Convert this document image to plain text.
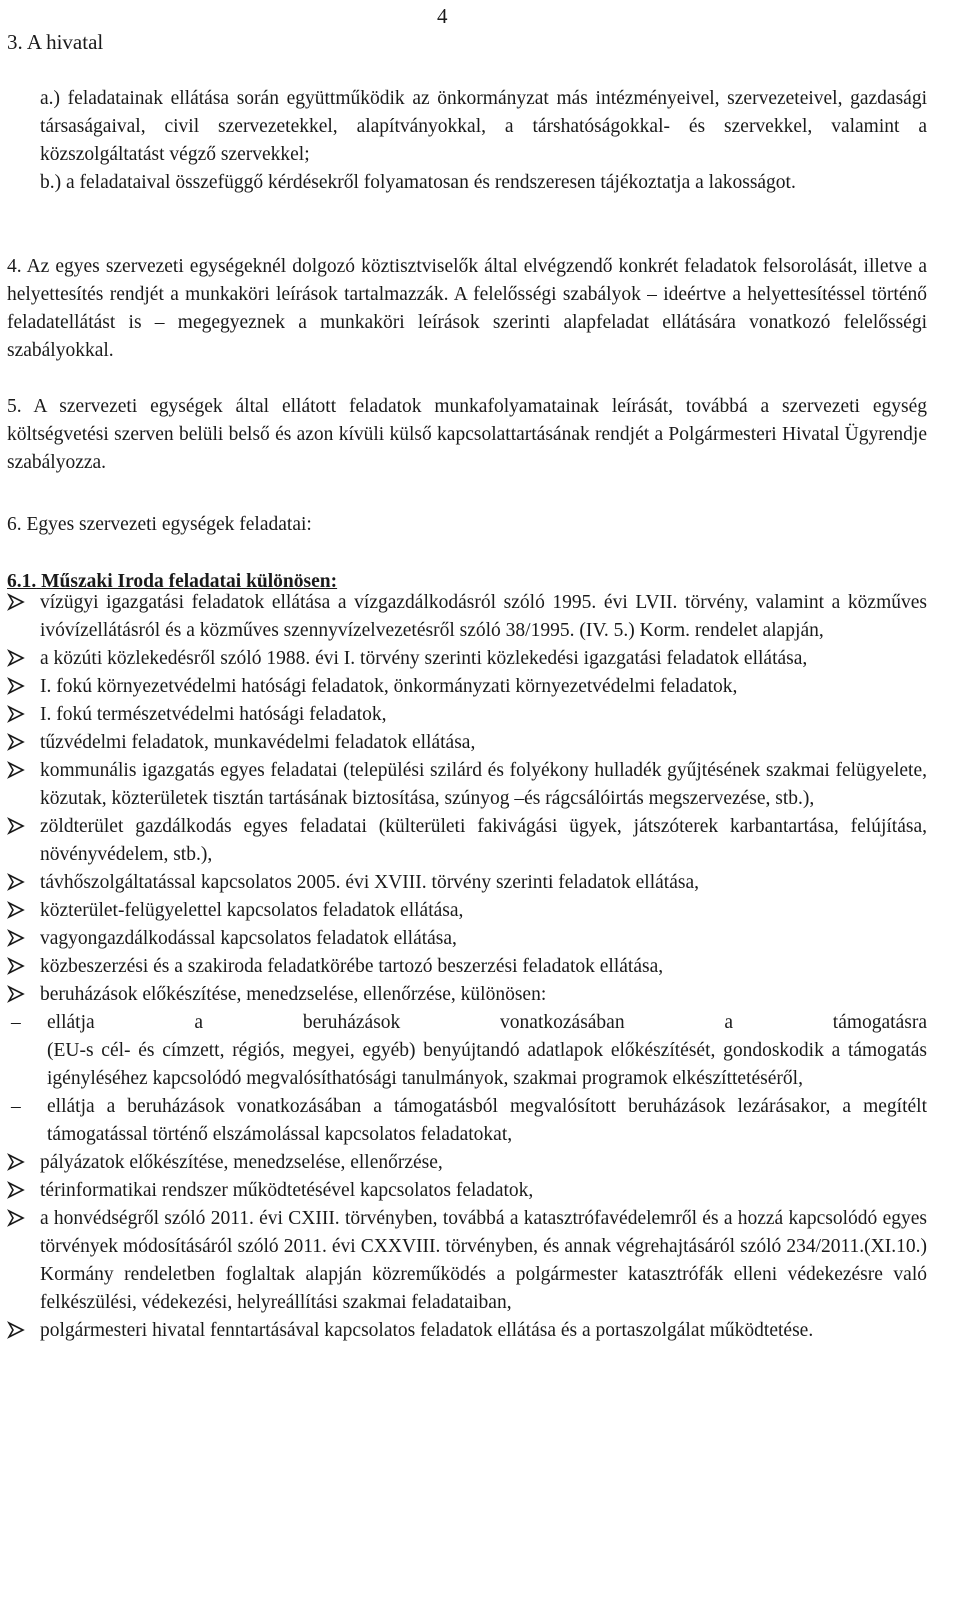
4
3. A hivatal

a.) feladatainak ellátása során együttműködik az önkormányzat más intézményeivel, szervezeteivel, gazdasági társaságaival, civil szervezetekkel, alapítványokkal, a társhatóságokkal- és szervekkel, valamint a közszolgáltatást végző szervekkel;

b.) a feladataival összefüggő kérdésekről folyamatosan és rendszeresen tájékoztatja a lakosságot.

4. Az egyes szervezeti egységeknél dolgozó köztisztviselők által elvégzendő konkrét feladatok felsorolását, illetve a helyettesítés rendjét a munkaköri leírások tartalmazzák. A felelősségi szabályok – ideértve a helyettesítéssel történő feladatellátást is – megegyeznek a munkaköri leírások szerinti alapfeladat ellátására vonatkozó felelősségi szabályokkal.

5. A szervezeti egységek által ellátott feladatok munkafolyamatainak leírását, továbbá a szervezeti egység költségvetési szerven belüli belső és azon kívüli külső kapcsolattartásának rendjét a Polgármesteri Hivatal Ügyrendje szabályozza.

6. Egyes szervezeti egységek feladatai:

6.1. Műszaki Iroda feladatai különösen:
vízügyi igazgatási feladatok ellátása a vízgazdálkodásról szóló 1995. évi LVII. törvény, valamint a közműves ivóvízellátásról és a közműves szennyvízelvezetésről szóló 38/1995. (IV. 5.) Korm. rendelet alapján,
a közúti közlekedésről szóló 1988. évi I. törvény szerinti közlekedési igazgatási feladatok ellátása,
I. fokú környezetvédelmi hatósági feladatok, önkormányzati környezetvédelmi feladatok,
I. fokú természetvédelmi hatósági feladatok,
tűzvédelmi feladatok, munkavédelmi feladatok ellátása,
kommunális igazgatás egyes feladatai (települési szilárd és folyékony hulladék gyűjtésének szakmai felügyelete, közutak, közterületek tisztán tartásának biztosítása, szúnyog –és rágcsálóirtás megszervezése, stb.),
zöldterület gazdálkodás egyes feladatai (külterületi fakivágási ügyek, játszóterek karbantartása, felújítása, növényvédelem, stb.),
távhőszolgáltatással kapcsolatos 2005. évi XVIII. törvény szerinti feladatok ellátása,
közterület-felügyelettel kapcsolatos feladatok ellátása,
vagyongazdálkodással kapcsolatos feladatok ellátása,
közbeszerzési és a szakiroda feladatkörébe tartozó beszerzési feladatok ellátása,
beruházások előkészítése, menedzselése, ellenőrzése, különösen:
– ellátja a beruházások vonatkozásában a támogatásra
(EU-s cél- és címzett, régiós, megyei, egyéb) benyújtandó adatlapok előkészítését, gondoskodik a támogatás igényléséhez kapcsolódó megvalósíthatósági tanulmányok, szakmai programok elkészíttetéséről,
– ellátja a beruházások vonatkozásában a támogatásból megvalósított beruházások lezárásakor, a megítélt támogatással történő elszámolással kapcsolatos feladatokat,
pályázatok előkészítése, menedzselése, ellenőrzése,
térinformatikai rendszer működtetésével kapcsolatos feladatok,
a honvédségről szóló 2011. évi CXIII. törvényben, továbbá a katasztrófavédelemről és a hozzá kapcsolódó egyes törvények módosításáról szóló 2011. évi CXXVIII. törvényben, és annak végrehajtásáról szóló 234/2011.(XI.10.) Kormány rendeletben foglaltak alapján közreműködés a polgármester katasztrófák elleni védekezésre való felkészülési, védekezési, helyreállítási szakmai feladataiban,
polgármesteri hivatal fenntartásával kapcsolatos feladatok ellátása és a portaszolgálat működtetése.
